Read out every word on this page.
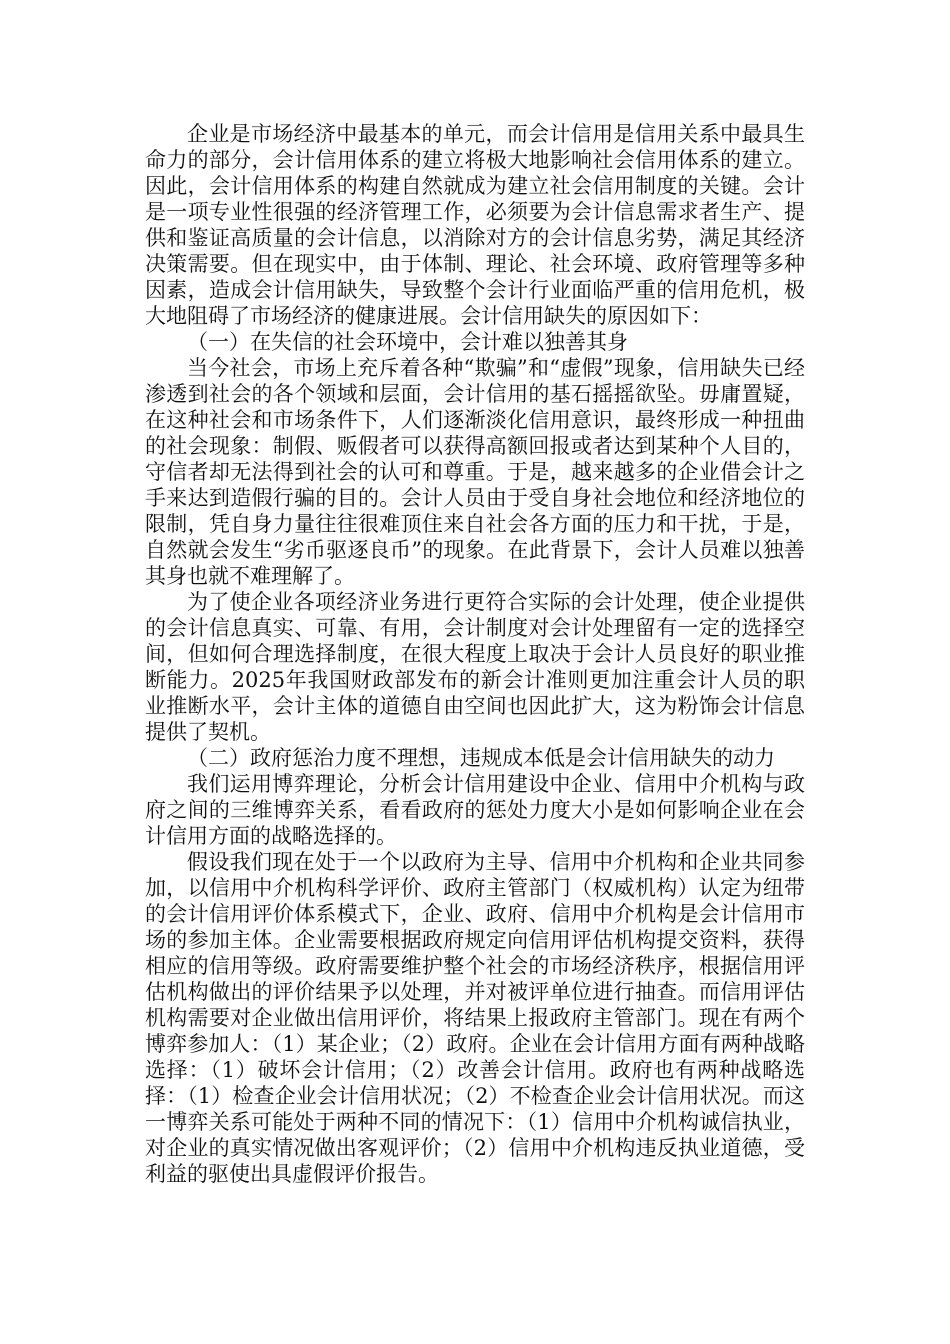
企业是市场经济中最基本的单元，而会计信用是信用关系中最具生命力的部分，会计信用体系的建立将极大地影响社会信用体系的建立。因此，会计信用体系的构建自然就成为建立社会信用制度的关键。会计是一项专业性很强的经济管理工作，必须要为会计信息需求者生产、提供和鉴证高质量的会计信息，以消除对方的会计信息劣势，满足其经济决策需要。但在现实中，由于体制、理论、社会环境、政府管理等多种因素，造成会计信用缺失，导致整个会计行业面临严重的信用危机，极大地阻碍了市场经济的健康进展。会计信用缺失的原因如下：

（一）在失信的社会环境中，会计难以独善其身

当今社会，市场上充斥着各种“欺骗”和“虚假”现象，信用缺失已经渗透到社会的各个领域和层面，会计信用的基石摇摇欲坠。毋庸置疑，在这种社会和市场条件下，人们逐渐淡化信用意识，最终形成一种扭曲的社会现象：制假、贩假者可以获得高额回报或者达到某种个人目的，守信者却无法得到社会的认可和尊重。于是，越来越多的企业借会计之手来达到造假行骗的目的。会计人员由于受自身社会地位和经济地位的限制，凭自身力量往往很难顶住来自社会各方面的压力和干扰，于是， 自然就会发生“劣币驱逐良币”的现象。在此背景下，会计人员难以独善其身也就不难理解了。

为了使企业各项经济业务进行更符合实际的会计处理，使企业提供的会计信息真实、可靠、有用，会计制度对会计处理留有一定的选择空间，但如何合理选择制度，在很大程度上取决于会计人员良好的职业推断能力。2025年我国财政部发布的新会计准则更加注重会计人员的职业推断水平，会计主体的道德自由空间也因此扩大，这为粉饰会计信息提供了契机。

（二）政府惩治力度不理想，违规成本低是会计信用缺失的动力

我们运用博弈理论，分析会计信用建设中企业、信用中介机构与政府之间的三维博弈关系，看看政府的惩处力度大小是如何影响企业在会计信用方面的战略选择的。

假设我们现在处于一个以政府为主导、信用中介机构和企业共同参加，以信用中介机构科学评价、政府主管部门（权威机构）认定为纽带的会计信用评价体系模式下，企业、政府、信用中介机构是会计信用市场的参加主体。企业需要根据政府规定向信用评估机构提交资料，获得相应的信用等级。政府需要维护整个社会的市场经济秩序，根据信用评估机构做出的评价结果予以处理，并对被评单位进行抽查。而信用评估机构需要对企业做出信用评价，将结果上报政府主管部门。现在有两个博弈参加人：（1）某企业；（2）政府。企业在会计信用方面有两种战略选择：（1）破坏会计信用；（2）改善会计信用。政府也有两种战略选择：（1）检查企业会计信用状况；（2）不检查企业会计信用状况。而这一博弈关系可能处于两种不同的情况下：（1）信用中介机构诚信执业，对企业的真实情况做出客观评价；（2）信用中介机构违反执业道德，受利益的驱使出具虚假评价报告。
